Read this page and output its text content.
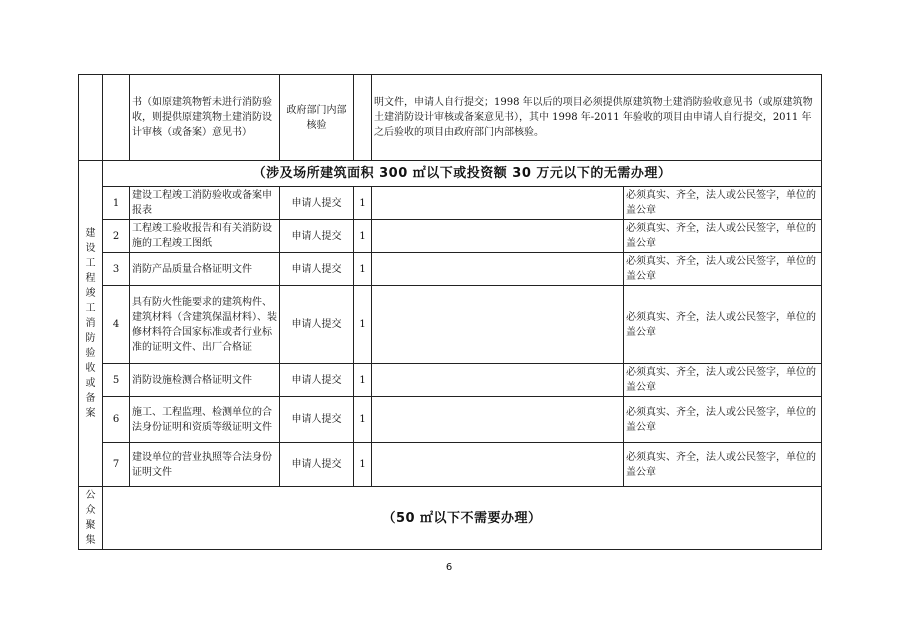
		书（如原建筑物暂未进行消防验收，则提供原建筑物土建消防设计审核（或备案）意见书）	政府部门内部核验		明文件，申请人自行提交；1998 年以后的项目必须提供原建筑物土建消防验收意见书（或原建筑物土建消防设计审核或备案意见书），其中 1998 年-2011 年验收的项目由申请人自行提交，2011 年之后验收的项目由政府部门内部核验。	
建设工程竣工消防验收或备案	（涉及场所建筑面积 300 ㎡以下或投资额 30 万元以下的无需办理）					
	1	建设工程竣工消防验收或备案申报表	申请人提交	1		必须真实、齐全，法人或公民签字，单位的盖公章
	2	工程竣工验收报告和有关消防设施的工程竣工图纸	申请人提交	1		必须真实、齐全，法人或公民签字，单位的盖公章
	3	消防产品质量合格证明文件	申请人提交	1		必须真实、齐全，法人或公民签字，单位的盖公章
	4	具有防火性能要求的建筑构件、建筑材料（含建筑保温材料）、装修材料符合国家标准或者行业标准的证明文件、出厂合格证	申请人提交	1		必须真实、齐全，法人或公民签字，单位的盖公章
	5	消防设施检测合格证明文件	申请人提交	1		必须真实、齐全，法人或公民签字，单位的盖公章
	6	施工、工程监理、检测单位的合法身份证明和资质等级证明文件	申请人提交	1		必须真实、齐全，法人或公民签字，单位的盖公章
	7	建设单位的营业执照等合法身份证明文件	申请人提交	1		必须真实、齐全，法人或公民签字，单位的盖公章
公众聚集	（50 ㎡以下不需要办理）					
6
